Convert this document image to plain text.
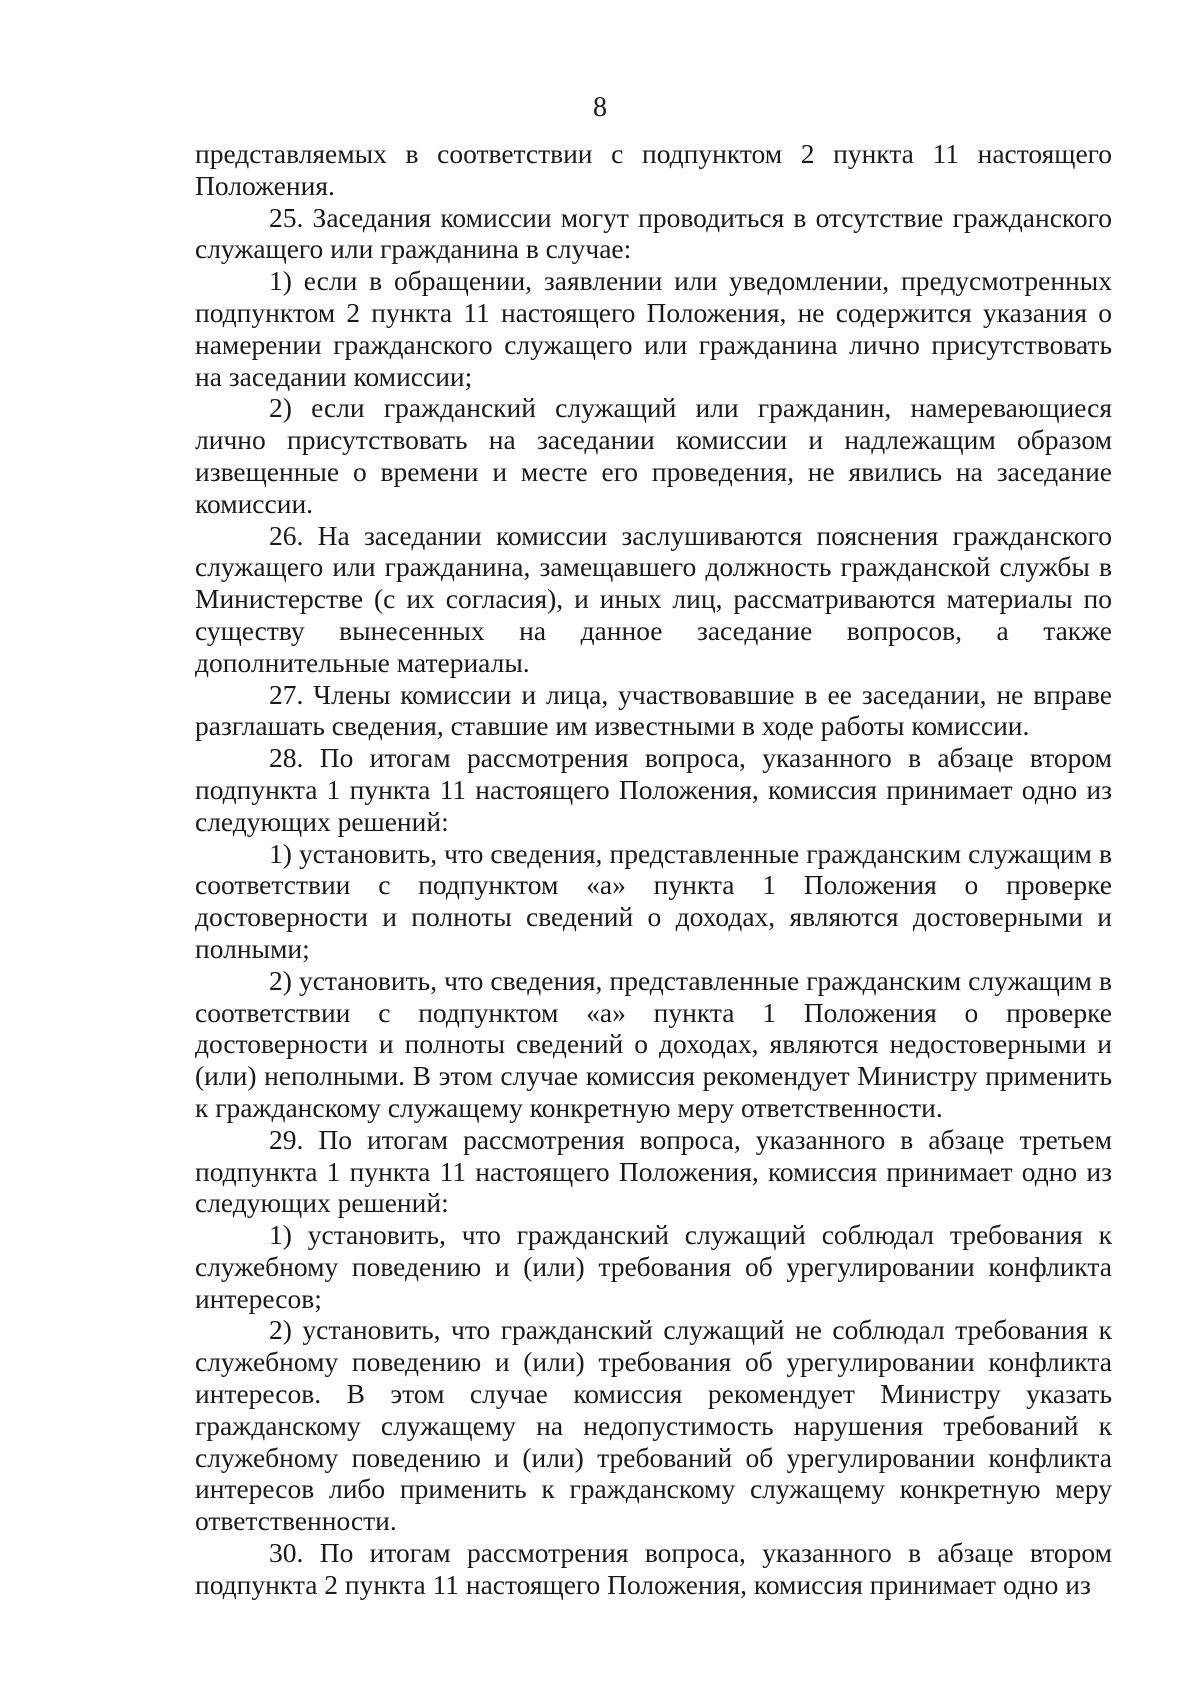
8

представляемых в соответствии с подпунктом 2 пункта 11 настоящего Положения.

25. Заседания комиссии могут проводиться в отсутствие гражданского служащего или гражданина в случае:

1) если в обращении, заявлении или уведомлении, предусмотренных подпунктом 2 пункта 11 настоящего Положения, не содержится указания о намерении гражданского служащего или гражданина лично присутствовать на заседании комиссии;

2) если гражданский служащий или гражданин, намеревающиеся лично присутствовать на заседании комиссии и надлежащим образом извещенные о времени и месте его проведения, не явились на заседание комиссии.

26. На заседании комиссии заслушиваются пояснения гражданского служащего или гражданина, замещавшего должность гражданской службы в Министерстве (с их согласия), и иных лиц, рассматриваются материалы по существу вынесенных на данное заседание вопросов, а также дополнительные материалы.

27. Члены комиссии и лица, участвовавшие в ее заседании, не вправе разглашать сведения, ставшие им известными в ходе работы комиссии.

28. По итогам рассмотрения вопроса, указанного в абзаце втором подпункта 1 пункта 11 настоящего Положения, комиссия принимает одно из следующих решений:

1) установить, что сведения, представленные гражданским служащим в соответствии с подпунктом «а» пункта 1 Положения о проверке достоверности и полноты сведений о доходах, являются достоверными и полными;

2) установить, что сведения, представленные гражданским служащим в соответствии с подпунктом «а» пункта 1 Положения о проверке достоверности и полноты сведений о доходах, являются недостоверными и (или) неполными. В этом случае комиссия рекомендует Министру применить к гражданскому служащему конкретную меру ответственности.

29. По итогам рассмотрения вопроса, указанного в абзаце третьем подпункта 1 пункта 11 настоящего Положения, комиссия принимает одно из следующих решений:

1) установить, что гражданский служащий соблюдал требования к служебному поведению и (или) требования об урегулировании конфликта интересов;

2) установить, что гражданский служащий не соблюдал требования к служебному поведению и (или) требования об урегулировании конфликта интересов. В этом случае комиссия рекомендует Министру указать гражданскому служащему на недопустимость нарушения требований к служебному поведению и (или) требований об урегулировании конфликта интересов либо применить к гражданскому служащему конкретную меру ответственности.

30. По итогам рассмотрения вопроса, указанного в абзаце втором подпункта 2 пункта 11 настоящего Положения, комиссия принимает одно из
